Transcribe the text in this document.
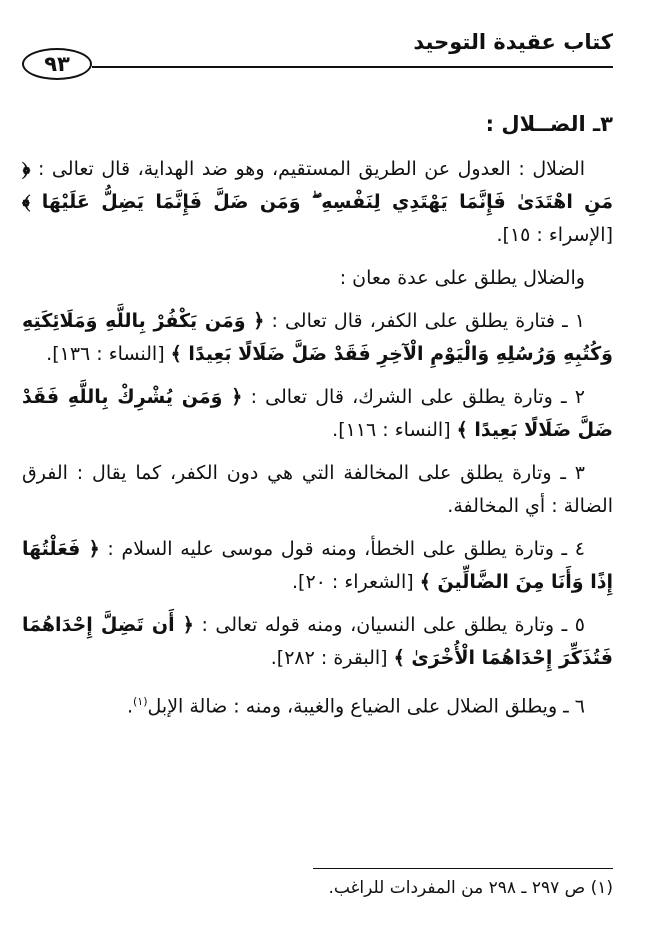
كتاب عقيدة التوحيد
٩٣

٣ـ الضــلال :

الضلال : العدول عن الطريق المستقيم، وهو ضد الهداية، قال تعالى : ﴿ مَنِ اهْتَدَىٰ فَإِنَّمَا يَهْتَدِي لِنَفْسِهِ ۖ وَمَن ضَلَّ فَإِنَّمَا يَضِلُّ عَلَيْهَا ﴾ [الإسراء : ١٥].

والضلال يطلق على عدة معان :

١ ـ فتارة يطلق على الكفر، قال تعالى : ﴿ وَمَن يَكْفُرْ بِاللَّهِ وَمَلَائِكَتِهِ وَكُتُبِهِ وَرُسُلِهِ وَالْيَوْمِ الْآخِرِ فَقَدْ ضَلَّ ضَلَالًا بَعِيدًا ﴾ [النساء : ١٣٦].

٢ ـ وتارة يطلق على الشرك، قال تعالى : ﴿ وَمَن يُشْرِكْ بِاللَّهِ فَقَدْ ضَلَّ ضَلَالًا بَعِيدًا ﴾ [النساء : ١١٦].

٣ ـ وتارة يطلق على المخالفة التي هي دون الكفر، كما يقال : الفرق الضالة : أي المخالفة.

٤ ـ وتارة يطلق على الخطأ، ومنه قول موسى عليه السلام : ﴿ فَعَلْتُهَا إِذًا وَأَنَا مِنَ الضَّالِّينَ ﴾ [الشعراء : ٢٠].

٥ ـ وتارة يطلق على النسيان، ومنه قوله تعالى : ﴿ أَن تَضِلَّ إِحْدَاهُمَا فَتُذَكِّرَ إِحْدَاهُمَا الْأُخْرَىٰ ﴾ [البقرة : ٢٨٢].

٦ ـ ويطلق الضلال على الضياع والغيبة، ومنه : ضالة الإبل$^{(١)}$.

(١) ص ٢٩٧ ـ ٢٩٨ من المفردات للراغب.
